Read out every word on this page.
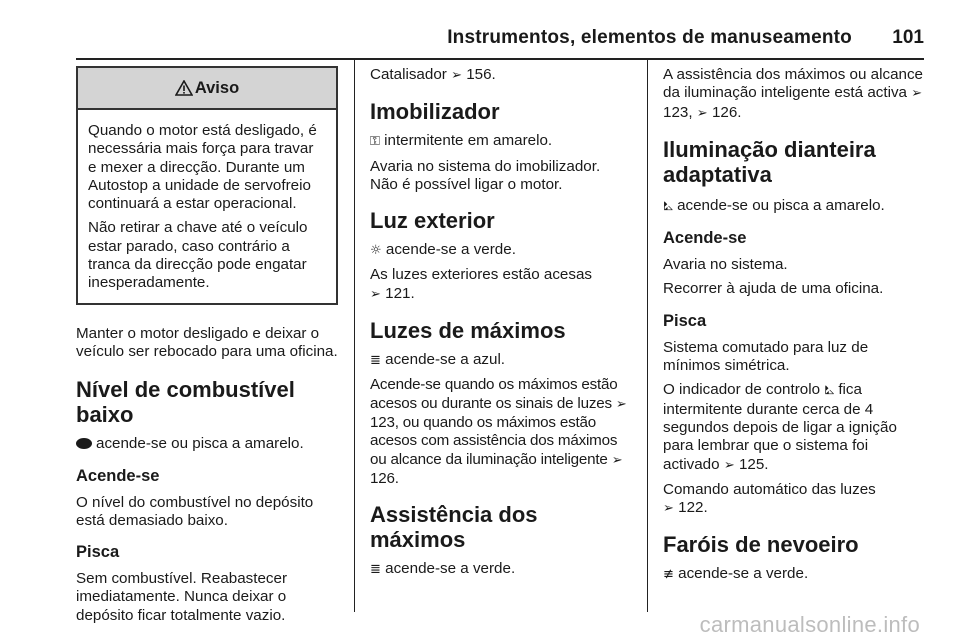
Instrumentos, elementos de manuseamento 101
Aviso

Quando o motor está desligado, é necessária mais força para travar e mexer a direcção. Durante um Autostop a unidade de servofreio continuará a estar operacional.

Não retirar a chave até o veículo estar parado, caso contrário a tranca da direcção pode engatar inesperadamente.

Manter o motor desligado e deixar o veículo ser rebocado para uma oficina.

Nível de combustível baixo

acende-se ou pisca a amarelo.

Acende-se

O nível do combustível no depósito está demasiado baixo.

Pisca

Sem combustível. Reabastecer imediatamente. Nunca deixar o depósito ficar totalmente vazio.

Catalisador ➢ 156.

Imobilizador

⚿ intermitente em amarelo.

Avaria no sistema do imobilizador. Não é possível ligar o motor.

Luz exterior

☼ acende-se a verde.

As luzes exteriores estão acesas
➢ 121.

Luzes de máximos

≣ acende-se a azul.

Acende-se quando os máximos estão acesos ou durante os sinais de luzes ➢ 123, ou quando os máximos estão acesos com assistência dos máximos ou alcance da iluminação inteligente ➢ 126.

Assistência dos máximos

≣ acende-se a verde.

A assistência dos máximos ou alcance da iluminação inteligente está activa ➢ 123, ➢ 126.

Iluminação dianteira adaptativa

⛡ acende-se ou pisca a amarelo.

Acende-se

Avaria no sistema.

Recorrer à ajuda de uma oficina.

Pisca

Sistema comutado para luz de mínimos simétrica.

O indicador de controlo ⛡ fica intermitente durante cerca de 4 segundos depois de ligar a ignição para lembrar que o sistema foi activado ➢ 125.

Comando automático das luzes
➢ 122.

Faróis de nevoeiro

≢ acende-se a verde.

carmanualsonline.info
